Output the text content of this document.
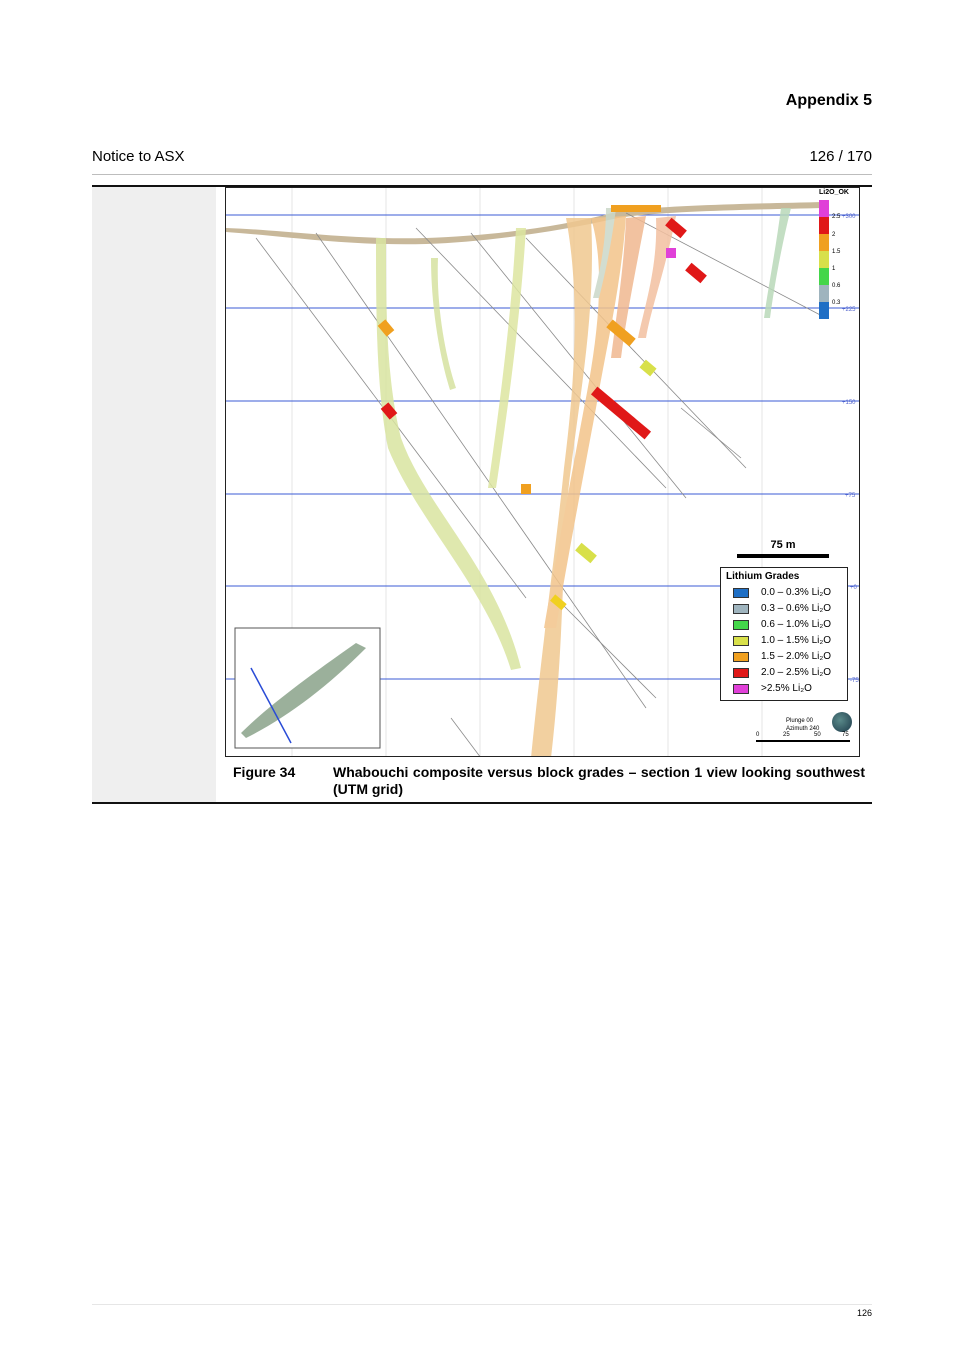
Appendix 5
Notice to ASX	126 / 170
75 m
Li2O_OK
2.5
2
1.5
1
0.6
0.3
+300
+225
+150
+75
+0
-75
Lithium Grades
0.0 – 0.3% Li₂O
0.3 – 0.6% Li₂O
0.6 – 1.0% Li₂O
1.0 – 1.5% Li₂O
1.5 – 2.0% Li₂O
2.0 – 2.5% Li₂O
>2.5% Li₂O
Plunge 00
Azimuth 240
0	25	50	75
Figure 34	Whabouchi composite versus block grades – section 1 view looking southwest (UTM grid)
126
